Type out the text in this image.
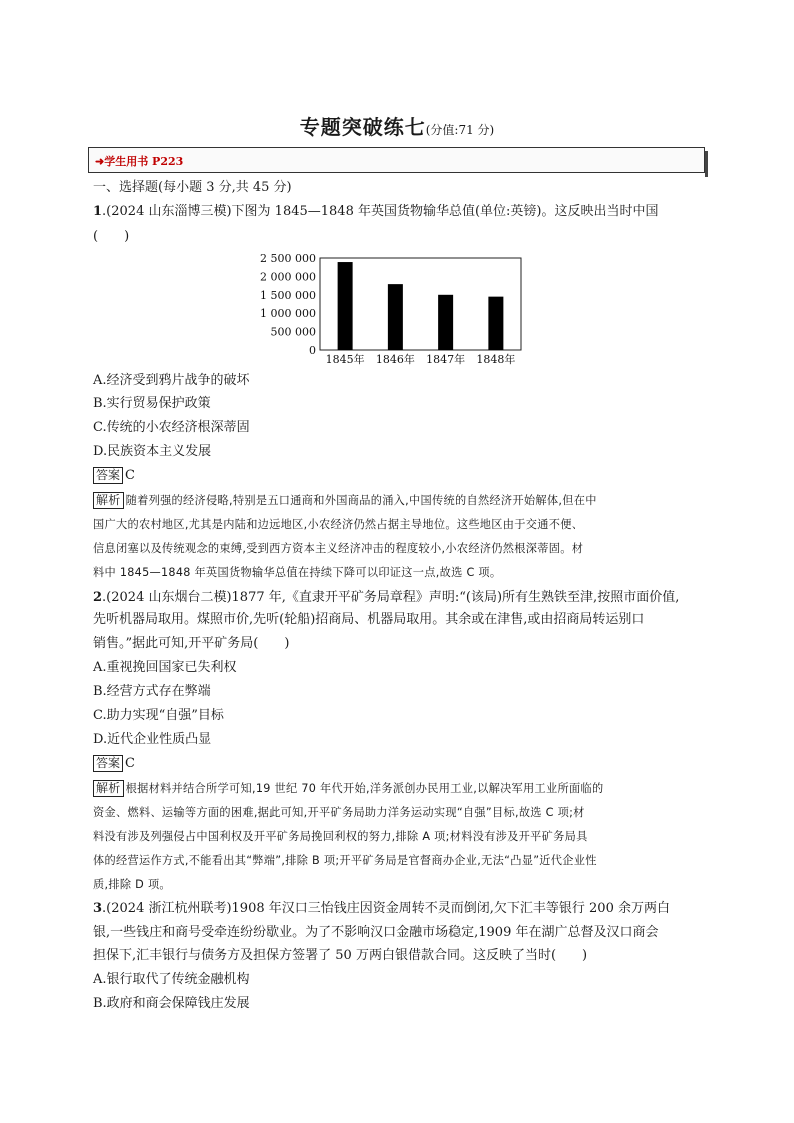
专题突破练七(分值:71 分)
➜学生用书 P223
一、选择题(每小题 3 分,共 45 分)
1.(2024 山东淄博三模)下图为 1845—1848 年英国货物输华总值(单位:英镑)。这反映出当时中国
(　　)
2 500 000
2 000 000
1 500 000
1 000 000
500 000
0
1845年 1846年 1847年 1848年
A.经济受到鸦片战争的破坏
B.实行贸易保护政策
C.传统的小农经济根深蒂固
D.民族资本主义发展
答案 C
解析 随着列强的经济侵略,特别是五口通商和外国商品的涌入,中国传统的自然经济开始解体,但在中
国广大的农村地区,尤其是内陆和边远地区,小农经济仍然占据主导地位。这些地区由于交通不便、
信息闭塞以及传统观念的束缚,受到西方资本主义经济冲击的程度较小,小农经济仍然根深蒂固。材
料中 1845—1848 年英国货物输华总值在持续下降可以印证这一点,故选 C 项。
2.(2024 山东烟台二模)1877 年,《直隶开平矿务局章程》声明:“(该局)所有生熟铁至津,按照市面价值,
先听机器局取用。煤照市价,先听(轮船)招商局、机器局取用。其余或在津售,或由招商局转运别口
销售。”据此可知,开平矿务局(　　)
A.重视挽回国家已失利权
B.经营方式存在弊端
C.助力实现“自强”目标
D.近代企业性质凸显
答案 C
解析 根据材料并结合所学可知,19 世纪 70 年代开始,洋务派创办民用工业,以解决军用工业所面临的
资金、燃料、运输等方面的困难,据此可知,开平矿务局助力洋务运动实现“自强”目标,故选 C 项;材
料没有涉及列强侵占中国利权及开平矿务局挽回利权的努力,排除 A 项;材料没有涉及开平矿务局具
体的经营运作方式,不能看出其“弊端”,排除 B 项;开平矿务局是官督商办企业,无法“凸显”近代企业性
质,排除 D 项。
3.(2024 浙江杭州联考)1908 年汉口三怡钱庄因资金周转不灵而倒闭,欠下汇丰等银行 200 余万两白
银,一些钱庄和商号受牵连纷纷歇业。为了不影响汉口金融市场稳定,1909 年在湖广总督及汉口商会
担保下,汇丰银行与债务方及担保方签署了 50 万两白银借款合同。这反映了当时(　　)
A.银行取代了传统金融机构
B.政府和商会保障钱庄发展
